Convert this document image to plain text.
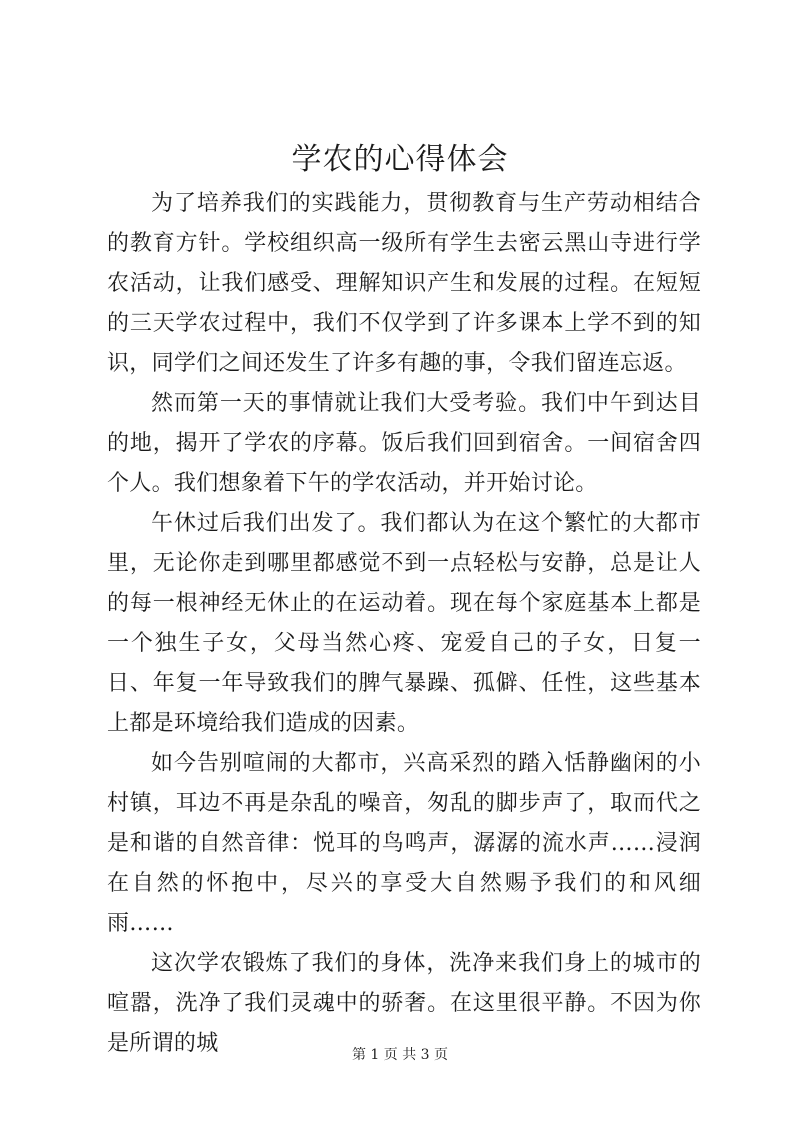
学农的心得体会

为了培养我们的实践能力，贯彻教育与生产劳动相结合的教育方针。学校组织高一级所有学生去密云黑山寺进行学农活动，让我们感受、理解知识产生和发展的过程。在短短的三天学农过程中，我们不仅学到了许多课本上学不到的知识，同学们之间还发生了许多有趣的事，令我们留连忘返。

然而第一天的事情就让我们大受考验。我们中午到达目的地，揭开了学农的序幕。饭后我们回到宿舍。一间宿舍四个人。我们想象着下午的学农活动，并开始讨论。

午休过后我们出发了。我们都认为在这个繁忙的大都市里，无论你走到哪里都感觉不到一点轻松与安静，总是让人的每一根神经无休止的在运动着。现在每个家庭基本上都是一个独生子女，父母当然心疼、宠爱自己的子女，日复一日、年复一年导致我们的脾气暴躁、孤僻、任性，这些基本上都是环境给我们造成的因素。

如今告别喧闹的大都市，兴高采烈的踏入恬静幽闲的小村镇，耳边不再是杂乱的噪音，匆乱的脚步声了，取而代之是和谐的自然音律：悦耳的鸟鸣声，潺潺的流水声……浸润在自然的怀抱中，尽兴的享受大自然赐予我们的和风细雨……

这次学农锻炼了我们的身体，洗净来我们身上的城市的喧嚣，洗净了我们灵魂中的骄奢。在这里很平静。不因为你是所谓的城	第 1 页 共 3 页
